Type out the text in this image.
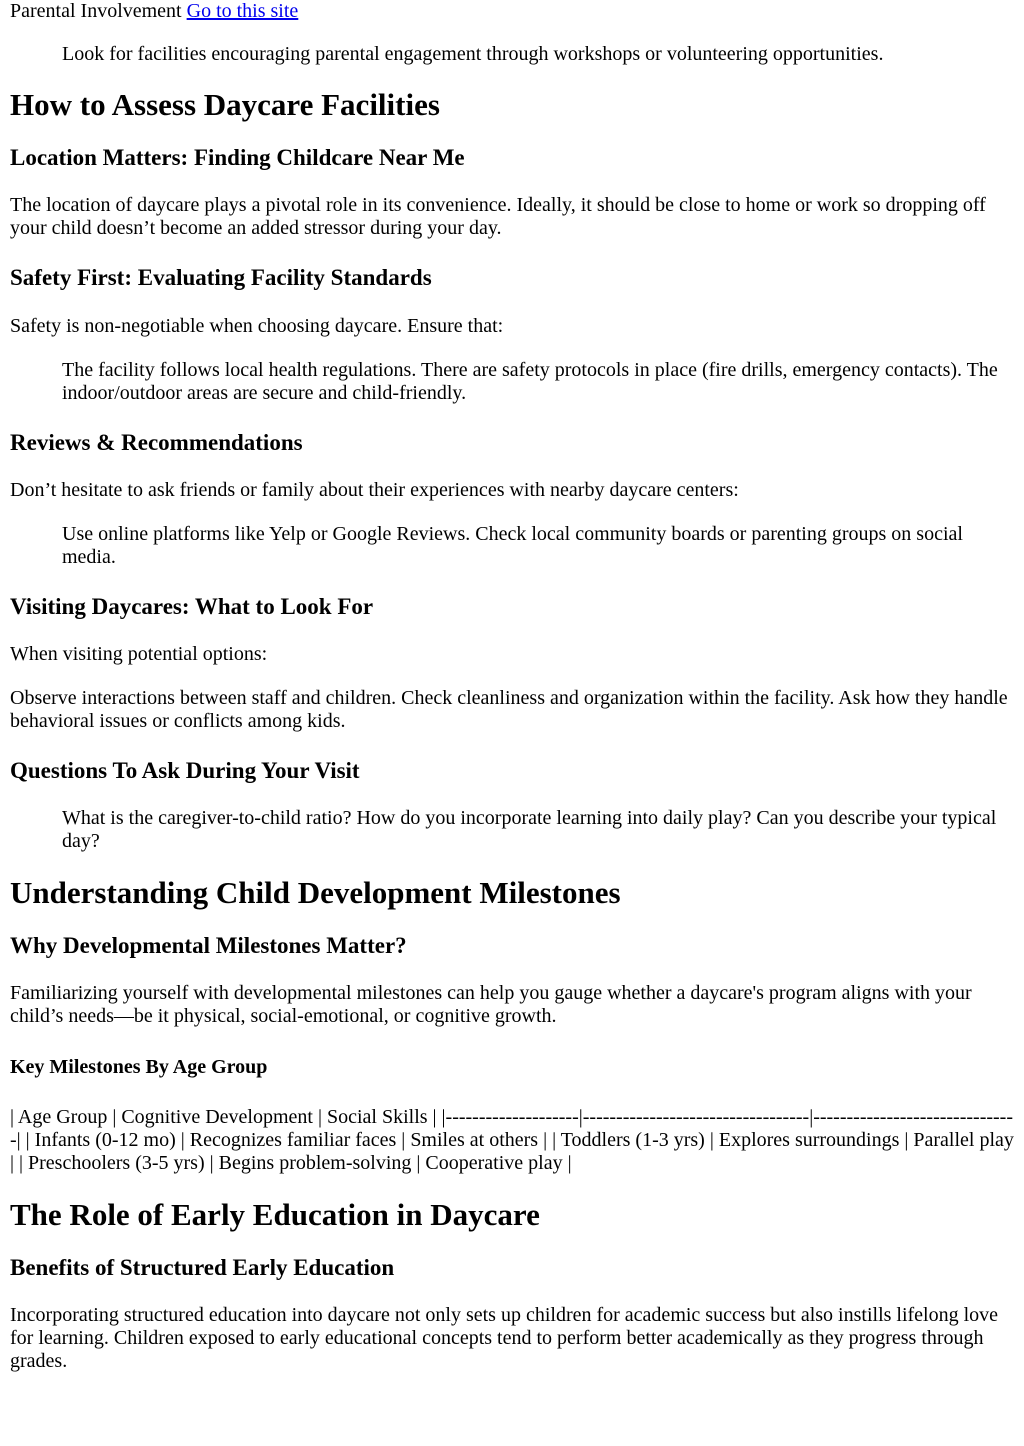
Parental Involvement Go to this site
Look for facilities encouraging parental engagement through workshops or volunteering opportunities.
How to Assess Daycare Facilities
Location Matters: Finding Childcare Near Me

The location of daycare plays a pivotal role in its convenience. Ideally, it should be close to home or work so dropping off your child doesn’t become an added stressor during your day.

Safety First: Evaluating Facility Standards

Safety is non-negotiable when choosing daycare. Ensure that:

The facility follows local health regulations. There are safety protocols in place (fire drills, emergency contacts). The indoor/outdoor areas are secure and child-friendly.
Reviews & Recommendations

Don’t hesitate to ask friends or family about their experiences with nearby daycare centers:

Use online platforms like Yelp or Google Reviews. Check local community boards or parenting groups on social media.
Visiting Daycares: What to Look For

When visiting potential options:

Observe interactions between staff and children. Check cleanliness and organization within the facility. Ask how they handle behavioral issues or conflicts among kids.

Questions To Ask During Your Visit
What is the caregiver-to-child ratio? How do you incorporate learning into daily play? Can you describe your typical day?
Understanding Child Development Milestones
Why Developmental Milestones Matter?

Familiarizing yourself with developmental milestones can help you gauge whether a daycare's program aligns with your child’s needs—be it physical, social-emotional, or cognitive growth.

Key Milestones By Age Group

| Age Group | Cognitive Development | Social Skills | |--------------------|----------------------------------|-------------------------------| | Infants (0-12 mo) | Recognizes familiar faces | Smiles at others | | Toddlers (1-3 yrs) | Explores surroundings | Parallel play | | Preschoolers (3-5 yrs) | Begins problem-solving | Cooperative play |

The Role of Early Education in Daycare
Benefits of Structured Early Education

Incorporating structured education into daycare not only sets up children for academic success but also instills lifelong love for learning. Children exposed to early educational concepts tend to perform better academically as they progress through grades.
